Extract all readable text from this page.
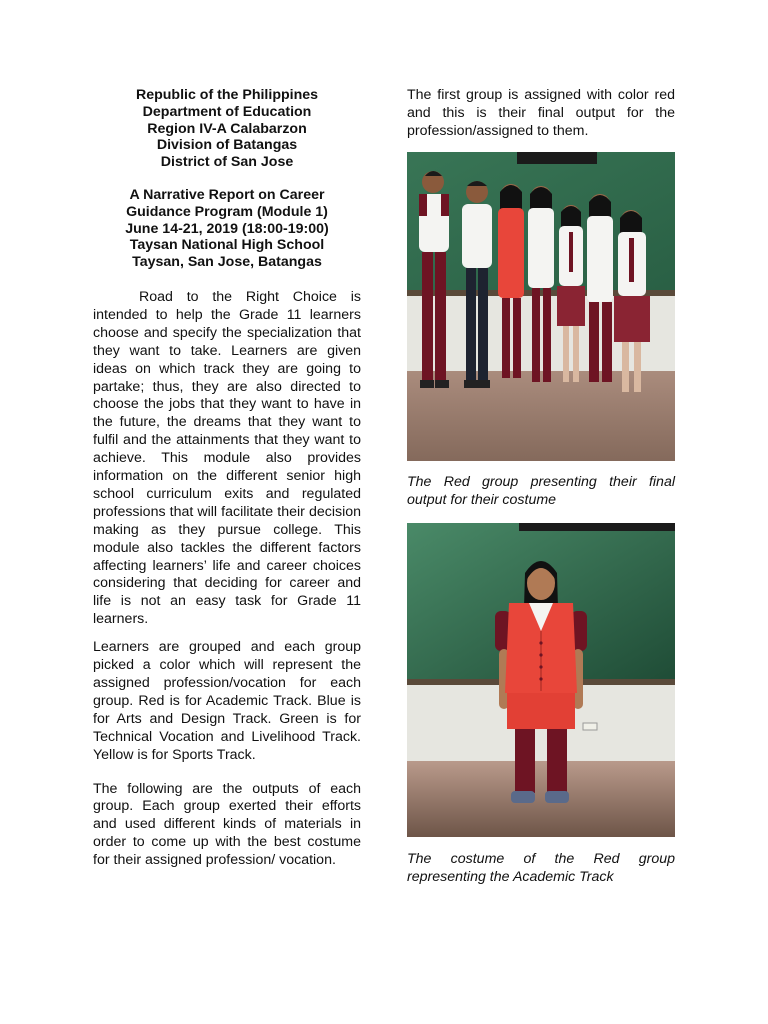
Republic of the Philippines
Department of Education
Region IV-A Calabarzon
Division of Batangas
District of San Jose
A Narrative Report on Career
Guidance Program (Module 1)
June 14-21, 2019 (18:00-19:00)
Taysan National High School
Taysan, San Jose, Batangas

Road to the Right Choice is intended to help the Grade 11 learners choose and specify the specialization that they want to take. Learners are given ideas on which track they are going to partake; thus, they are also directed to choose the jobs that they want to have in the future, the dreams that they want to fulfil and the attainments that they want to achieve. This module also provides information on the different senior high school curriculum exits and regulated professions that will facilitate their decision making as they pursue college. This module also tackles the different factors affecting learners’ life and career choices considering that deciding for career and life is not an easy task for Grade 11 learners.

Learners are grouped and each group picked a color which will represent the assigned profession/vocation for each group. Red is for Academic Track. Blue is for Arts and Design Track. Green is for Technical Vocation and Livelihood Track. Yellow is for Sports Track.

The following are the outputs of each group. Each group exerted their efforts and used different kinds of materials in order to come up with the best costume for their assigned profession/ vocation.

The first group is assigned with color red and this is their final output for the profession/assigned to them.

The Red group presenting their final output for their costume
The costume of the Red group representing the Academic Track
